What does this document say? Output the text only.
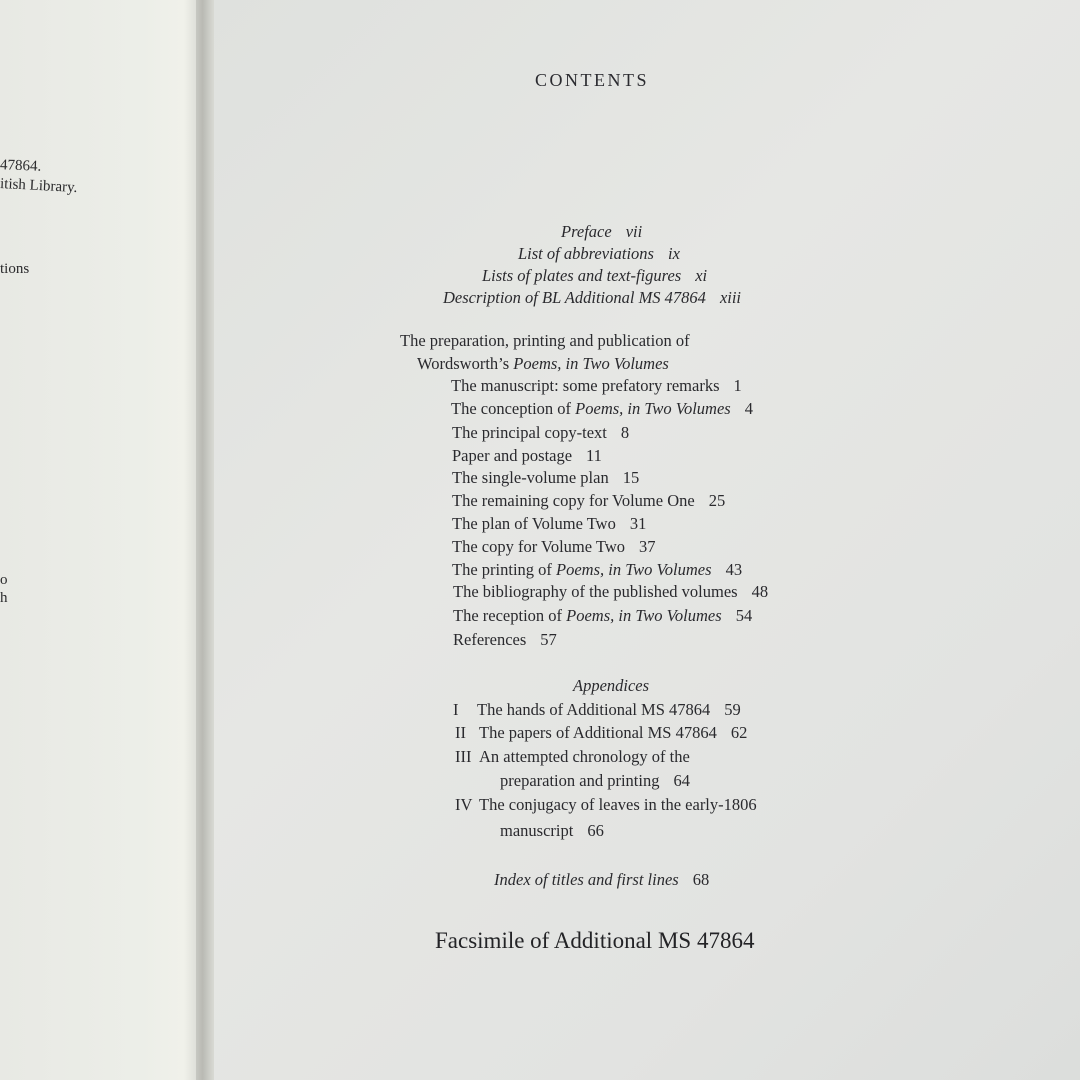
47864.
itish Library.
tions
o
h
CONTENTS
Preface vii
List of abbreviations ix
Lists of plates and text-figures xi
Description of BL Additional MS 47864 xiii
The preparation, printing and publication of
Wordsworth’s Poems, in Two Volumes
The manuscript: some prefatory remarks 1
The conception of Poems, in Two Volumes 4
The principal copy-text 8
Paper and postage 11
The single-volume plan 15
The remaining copy for Volume One 25
The plan of Volume Two 31
The copy for Volume Two 37
The printing of Poems, in Two Volumes 43
The bibliography of the published volumes 48
The reception of Poems, in Two Volumes 54
References 57
Appendices
I The hands of Additional MS 47864 59
II The papers of Additional MS 47864 62
III An attempted chronology of the
preparation and printing 64
IV The conjugacy of leaves in the early-1806
manuscript 66
Index of titles and first lines 68
Facsimile of Additional MS 47864
